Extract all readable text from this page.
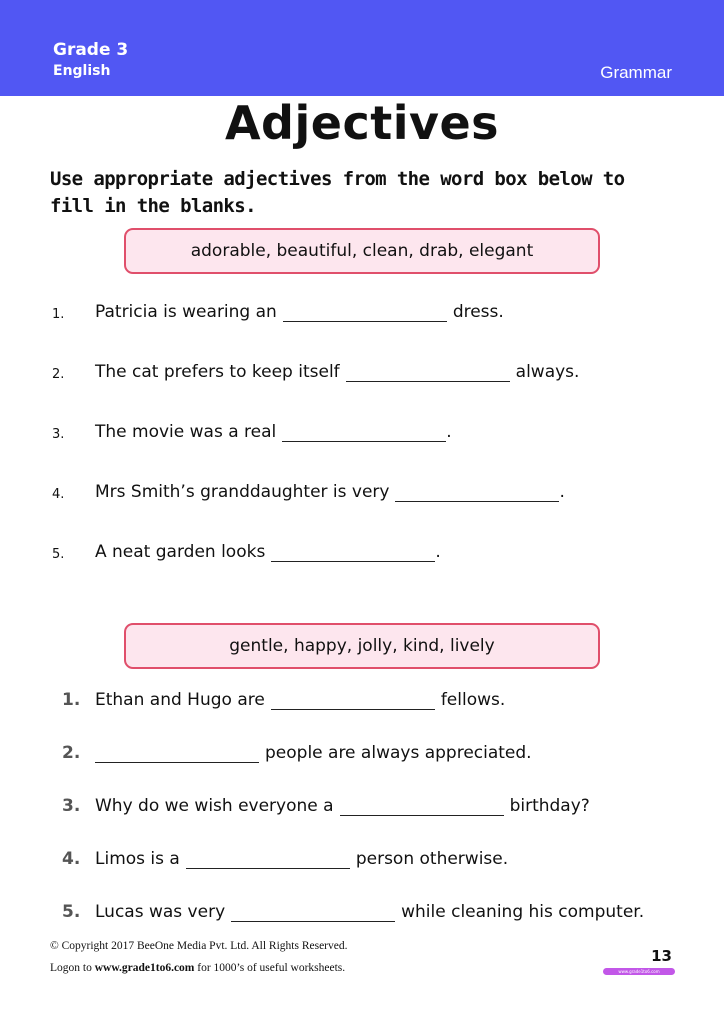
Grade 3
English	Grammar
Adjectives
Use appropriate adjectives from the word box below to fill in the blanks.
adorable, beautiful, clean, drab, elegant
1. Patricia is wearing an	dress.
2. The cat prefers to keep itself	always.
3. The movie was a real	.
4. Mrs Smith’s granddaughter is very	.
5. A neat garden looks	.
gentle, happy, jolly, kind, lively
1. Ethan and Hugo are	fellows.
2.	people are always appreciated.
3. Why do we wish everyone a	birthday?
4. Limos is a	person otherwise.
5. Lucas was very	while cleaning his computer.
© Copyright 2017 BeeOne Media Pvt. Ltd. All Rights Reserved.
Logon to www.grade1to6.com for 1000’s of useful worksheets.
13
www.grade1to6.com
